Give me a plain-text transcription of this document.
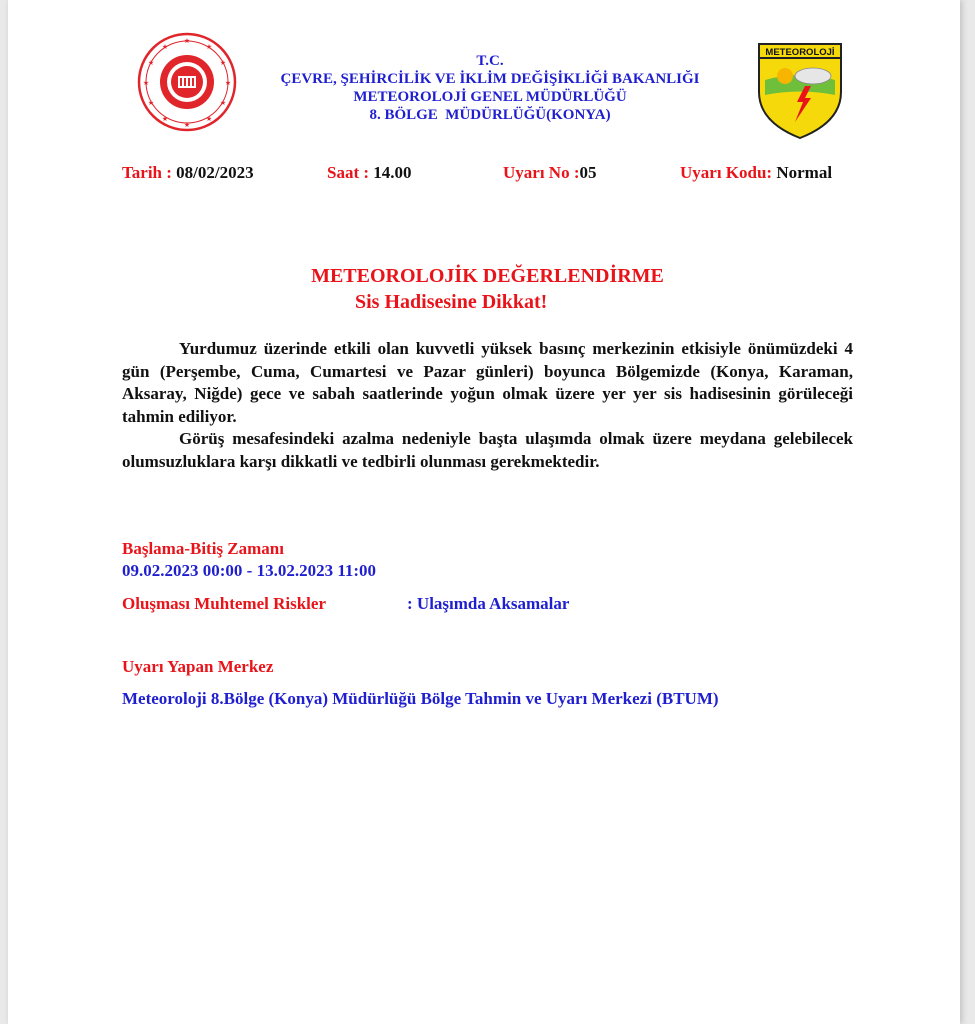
★
★
★
★
★
★
★
★
★
★
★
★
T.C.
ÇEVRE, ŞEHİRCİLİK VE İKLİM DEĞİŞİKLİĞİ BAKANLIĞI
METEOROLOJİ GENEL MÜDÜRLÜĞÜ
8. BÖLGE  MÜDÜRLÜĞÜ(KONYA)
METEOROLOJİ
Tarih : 08/02/2023	Saat : 14.00	Uyarı No :05	Uyarı Kodu: Normal
METEOROLOJİK DEĞERLENDİRME
Sis Hadisesine Dikkat!

Yurdumuz üzerinde etkili olan kuvvetli yüksek basınç merkezinin etkisiyle önümüzdeki 4 gün (Perşembe, Cuma, Cumartesi ve Pazar günleri) boyunca Bölgemizde (Konya, Karaman, Aksaray, Niğde) gece ve sabah saatlerinde yoğun olmak üzere yer yer sis hadisesinin görüleceği tahmin ediliyor.

Görüş mesafesindeki azalma nedeniyle başta ulaşımda olmak üzere meydana gelebilecek olumsuzluklara karşı dikkatli ve tedbirli olunması gerekmektedir.

Başlama-Bitiş Zamanı
09.02.2023 00:00 - 13.02.2023 11:00
Oluşması Muhtemel Riskler	: Ulaşımda Aksamalar
Uyarı Yapan Merkez
Meteoroloji 8.Bölge (Konya) Müdürlüğü Bölge Tahmin ve Uyarı Merkezi (BTUM)
